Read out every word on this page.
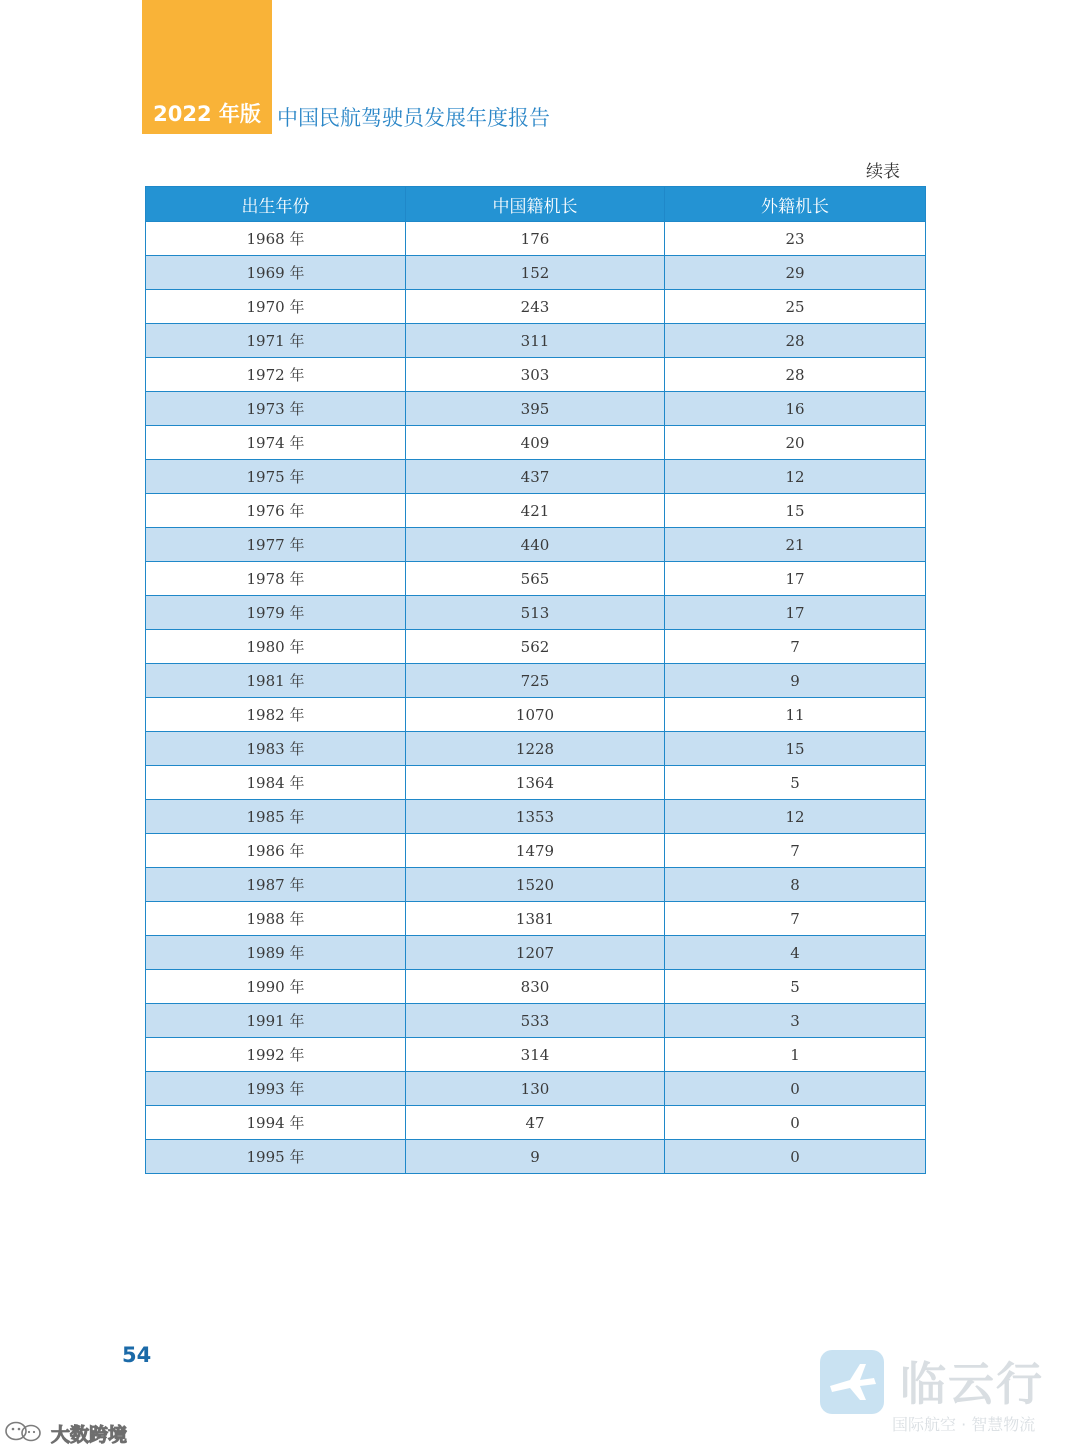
2022 年版 中国民航驾驶员发展年度报告
续表
出生年份	中国籍机长	外籍机长
1968 年	176	23
1969 年	152	29
1970 年	243	25
1971 年	311	28
1972 年	303	28
1973 年	395	16
1974 年	409	20
1975 年	437	12
1976 年	421	15
1977 年	440	21
1978 年	565	17
1979 年	513	17
1980 年	562	7
1981 年	725	9
1982 年	1070	11
1983 年	1228	15
1984 年	1364	5
1985 年	1353	12
1986 年	1479	7
1987 年	1520	8
1988 年	1381	7
1989 年	1207	4
1990 年	830	5
1991 年	533	3
1992 年	314	1
1993 年	130	0
1994 年	47	0
1995 年	9	0
54
大数跨境
临云行
国际航空 · 智慧物流
